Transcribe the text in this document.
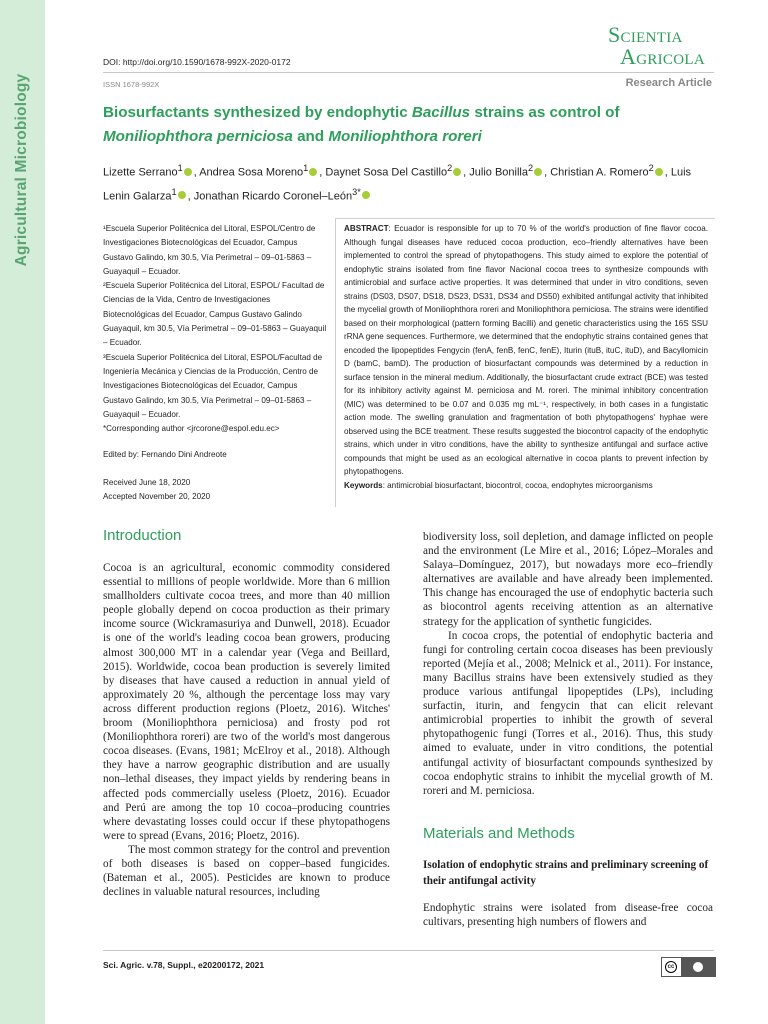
Agricultural Microbiology
DOI: http://doi.org/10.1590/1678-992X-2020-0172
ISSN 1678-992X
Scientia
Agricola
Research Article
Biosurfactants synthesized by endophytic Bacillus strains as control of Moniliophthora perniciosa and Moniliophthora roreri
Lizette Serrano$^1$ , Andrea Sosa Moreno$^1$ , Daynet Sosa Del Castillo$^2$ , Julio Bonilla$^2$ , Christian A. Romero$^2$ , Luis Lenin Galarza$^1$ , Jonathan Ricardo Coronel–León$^{3*}$

¹Escuela Superior Politécnica del Litoral, ESPOL/Centro de Investigaciones Biotecnológicas del Ecuador, Campus Gustavo Galindo, km 30.5, Vía Perimetral – 09–01-5863 – Guayaquil – Ecuador.

²Escuela Superior Politécnica del Litoral, ESPOL/ Facultad de Ciencias de la Vida, Centro de Investigaciones Biotecnológicas del Ecuador, Campus Gustavo Galindo Guayaquil, km 30.5, Vía Perimetral – 09–01-5863 – Guayaquil – Ecuador.

³Escuela Superior Politécnica del Litoral, ESPOL/Facultad de Ingeniería Mecánica y Ciencias de la Producción, Centro de Investigaciones Biotecnológicas del Ecuador, Campus Gustavo Galindo, km 30.5, Vía Perimetral – 09–01-5863 – Guayaquil – Ecuador.

*Corresponding author <jrcorone@espol.edu.ec>

Edited by: Fernando Dini Andreote
Received June 18, 2020
Accepted November 20, 2020
ABSTRACT: Ecuador is responsible for up to 70 % of the world's production of fine flavor cocoa. Although fungal diseases have reduced cocoa production, eco–friendly alternatives have been implemented to control the spread of phytopathogens. This study aimed to explore the potential of endophytic strains isolated from fine flavor Nacional cocoa trees to synthesize compounds with antimicrobial and surface active properties. It was determined that under in vitro conditions, seven strains (DS03, DS07, DS18, DS23, DS31, DS34 and DS50) exhibited antifungal activity that inhibited the mycelial growth of Moniliophthora roreri and Moniliophthora perniciosa. The strains were identified based on their morphological (pattern forming Bacilli) and genetic characteristics using the 16S SSU rRNA gene sequences. Furthermore, we determined that the endophytic strains contained genes that encoded the lipopeptides Fengycin (fenA, fenB, fenC, fenE), Iturin (ituB, ituC, ituD), and Bacyllomicin D (bamC, bamD). The production of biosurfactant compounds was determined by a reduction in surface tension in the mineral medium. Additionally, the biosurfactant crude extract (BCE) was tested for its inhibitory activity against M. perniciosa and M. roreri. The minimal inhibitory concentration (MIC) was determined to be 0.07 and 0.035 mg mL⁻¹, respectively, in both cases in a fungistatic action mode. The swelling granulation and fragmentation of both phytopathogens' hyphae were observed using the BCE treatment. These results suggested the biocontrol capacity of the endophytic strains, which under in vitro conditions, have the ability to synthesize antifungal and surface active compounds that might be used as an ecological alternative in cocoa plants to prevent infection by phytopathogens.
Keywords: antimicrobial biosurfactant, biocontrol, cocoa, endophytes microorganisms
Introduction

Cocoa is an agricultural, economic commodity considered essential to millions of people worldwide. More than 6 million smallholders cultivate cocoa trees, and more than 40 million people globally depend on cocoa production as their primary income source (Wickramasuriya and Dunwell, 2018). Ecuador is one of the world's leading cocoa bean growers, producing almost 300,000 MT in a calendar year (Vega and Beillard, 2015). Worldwide, cocoa bean production is severely limited by diseases that have caused a reduction in annual yield of approximately 20 %, although the percentage loss may vary across different production regions (Ploetz, 2016). Witches' broom (Moniliophthora perniciosa) and frosty pod rot (Moniliophthora roreri) are two of the world's most dangerous cocoa diseases. (Evans, 1981; McElroy et al., 2018). Although they have a narrow geographic distribution and are usually non–lethal diseases, they impact yields by rendering beans in affected pods commercially useless (Ploetz, 2016). Ecuador and Perú are among the top 10 cocoa–producing countries where devastating losses could occur if these phytopathogens were to spread (Evans, 2016; Ploetz, 2016).

The most common strategy for the control and prevention of both diseases is based on copper–based fungicides. (Bateman et al., 2005). Pesticides are known to produce declines in valuable natural resources, including

biodiversity loss, soil depletion, and damage inflicted on people and the environment (Le Mire et al., 2016; López–Morales and Salaya–Domínguez, 2017), but nowadays more eco–friendly alternatives are available and have already been implemented. This change has encouraged the use of endophytic bacteria such as biocontrol agents receiving attention as an alternative strategy for the application of synthetic fungicides.

In cocoa crops, the potential of endophytic bacteria and fungi for controling certain cocoa diseases has been previously reported (Mejía et al., 2008; Melnick et al., 2011). For instance, many Bacillus strains have been extensively studied as they produce various antifungal lipopeptides (LPs), including surfactin, iturin, and fengycin that can elicit relevant antimicrobial properties to inhibit the growth of several phytopathogenic fungi (Torres et al., 2016). Thus, this study aimed to evaluate, under in vitro conditions, the potential antifungal activity of biosurfactant compounds synthesized by cocoa endophytic strains to inhibit the mycelial growth of M. roreri and M. perniciosa.

Materials and Methods
Isolation of endophytic strains and preliminary screening of their antifungal activity

Endophytic strains were isolated from disease-free cocoa cultivars, presenting high numbers of flowers and

Sci. Agric. v.78, Suppl., e20200172, 2021	cc
